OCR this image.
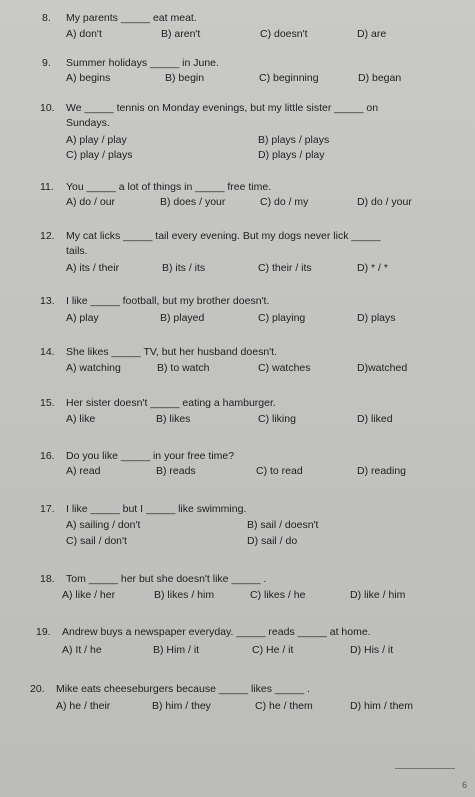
8. My parents _____ eat meat.
A) don't	B) aren't	C) doesn't	D) are
9. Summer holidays _____ in June.
A) begins	B) begin	C) beginning	D) began
10. We _____ tennis on Monday evenings, but my little sister _____ on
Sundays.
A) play / play	B) plays / plays
C) play / plays	D) plays / play
11. You _____ a lot of things in _____ free time.
A) do / our	B) does / your	C) do / my	D) do / your
12. My cat licks _____ tail every evening. But my dogs never lick _____
tails.
A) its / their	B) its / its	C) their / its	D) * / *
13. I like _____ football, but my brother doesn't.
A) play	B) played	C) playing	D) plays
14. She likes _____ TV, but her husband doesn't.
A) watching	B) to watch	C) watches	D)watched
15. Her sister doesn't _____ eating a hamburger.
A) like	B) likes	C) liking	D) liked
16. Do you like _____ in your free time?
A) read	B) reads	C) to read	D) reading
17. I like _____ but I _____ like swimming.
A) sailing / don't	B) sail / doesn't
C) sail / don't	D) sail / do
18. Tom _____ her but she doesn't like _____ .
A) like / her	B) likes / him	C) likes / he	D) like / him
19. Andrew buys a newspaper everyday. _____ reads _____ at home.
A) It / he	B) Him / it	C) He / it	D) His / it
20. Mike eats cheeseburgers because _____ likes _____ .
A) he / their	B) him / they	C) he / them	D) him / them
6
